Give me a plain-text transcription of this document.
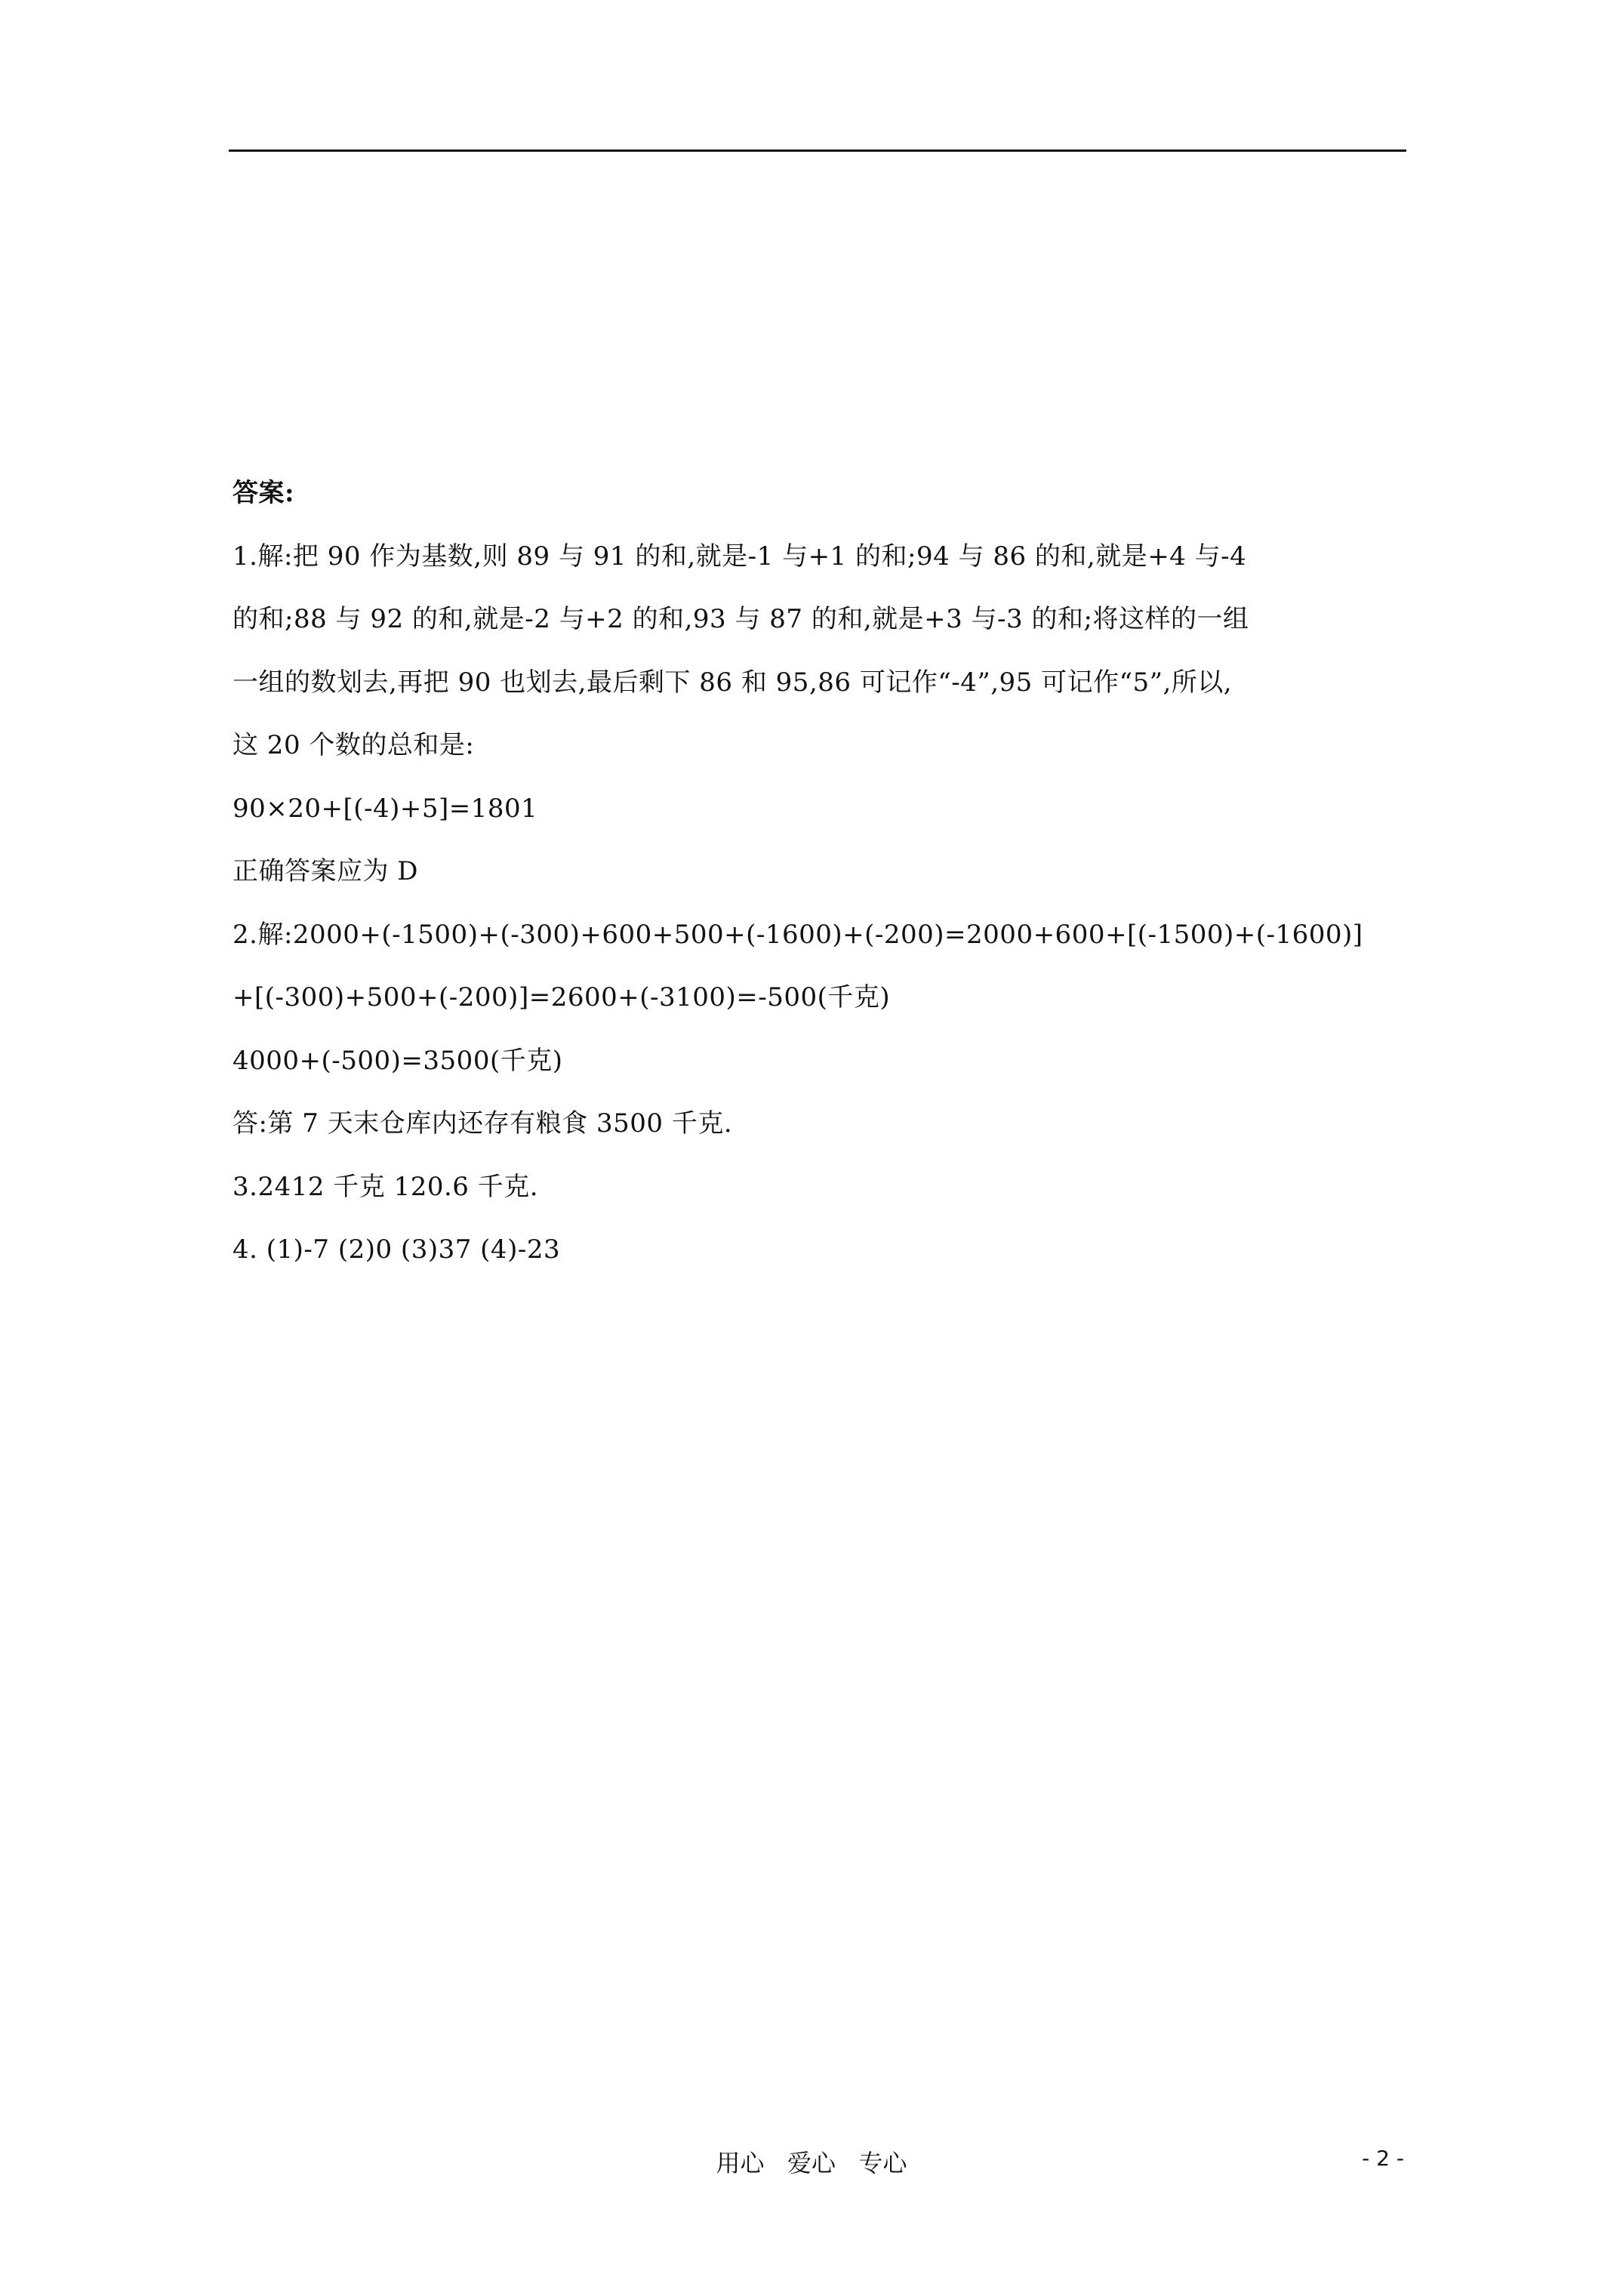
答案:
1.解:把 90 作为基数,则 89 与 91 的和,就是-1 与+1 的和;94 与 86 的和,就是+4 与-4
的和;88 与 92 的和,就是-2 与+2 的和,93 与 87 的和,就是+3 与-3 的和;将这样的一组
一组的数划去,再把 90 也划去,最后剩下 86 和 95,86 可记作“-4”,95 可记作“5”,所以,
这 20 个数的总和是:
90×20+[(-4)+5]=1801
正确答案应为 D
2.解:2000+(-1500)+(-300)+600+500+(-1600)+(-200)=2000+600+[(-1500)+(-1600)]
+[(-300)+500+(-200)]=2600+(-3100)=-500(千克)
4000+(-500)=3500(千克)
答:第 7 天末仓库内还存有粮食 3500 千克.
3.2412 千克 120.6 千克.
4. (1)-7 (2)0 (3)37 (4)-23
用心   爱心   专心	- 2 -
